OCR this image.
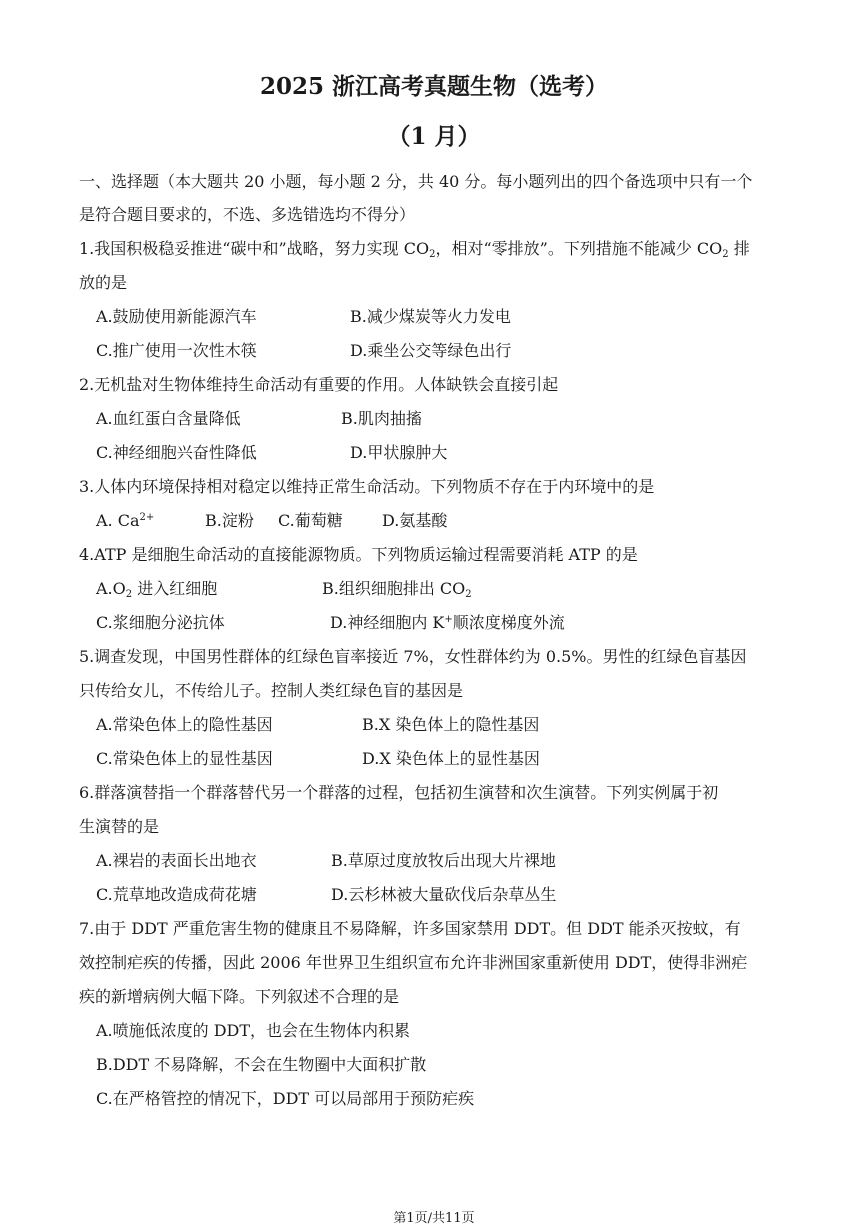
2025 浙江高考真题生物（选考）
（1 月）
一、选择题（本大题共 20 小题，每小题 2 分，共 40 分。每小题列出的四个备选项中只有一个
是符合题目要求的，不选、多选错选均不得分）
1.我国积极稳妥推进“碳中和”战略，努力实现 $CO_2$，相对“零排放”。下列措施不能减少 $CO_2$ 排
放的是
A.鼓励使用新能源汽车	B.减少煤炭等火力发电
C.推广使用一次性木筷	D.乘坐公交等绿色出行
2.无机盐对生物体维持生命活动有重要的作用。人体缺铁会直接引起
A.血红蛋白含量降低	B.肌肉抽搐
C.神经细胞兴奋性降低	D.甲状腺肿大
3.人体内环境保持相对稳定以维持正常生命活动。下列物质不存在于内环境中的是
A. $Ca^{2+}$	B.淀粉 C.葡萄糖 D.氨基酸
4.ATP 是细胞生命活动的直接能源物质。下列物质运输过程需要消耗 ATP 的是
$A.O_2$ 进入红细胞	B.组织细胞排出 $CO_2$
C.浆细胞分泌抗体	D.神经细胞内 K+顺浓度梯度外流
5.调查发现，中国男性群体的红绿色盲率接近 7%，女性群体约为 0.5%。男性的红绿色盲基因
只传给女儿，不传给儿子。控制人类红绿色盲的基因是
A.常染色体上的隐性基因	B.X 染色体上的隐性基因
C.常染色体上的显性基因	D.X 染色体上的显性基因
6.群落演替指一个群落替代另一个群落的过程，包括初生演替和次生演替。下列实例属于初
生演替的是
A.裸岩的表面长出地衣	B.草原过度放牧后出现大片裸地
C.荒草地改造成荷花塘	D.云杉林被大量砍伐后杂草丛生
7.由于 DDT 严重危害生物的健康且不易降解，许多国家禁用 DDT。但 DDT 能杀灭按蚊，有
效控制疟疾的传播，因此 2006 年世界卫生组织宣布允许非洲国家重新使用 DDT，使得非洲疟
疾的新增病例大幅下降。下列叙述不合理的是
A.喷施低浓度的 DDT，也会在生物体内积累
B.DDT 不易降解，不会在生物圈中大面积扩散
C.在严格管控的情况下，DDT 可以局部用于预防疟疾
第1页/共11页
